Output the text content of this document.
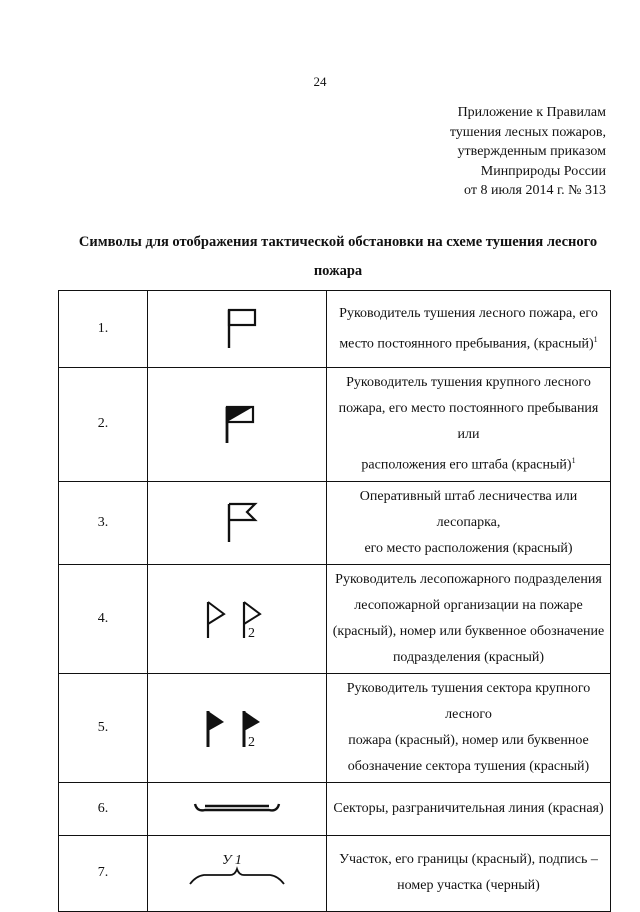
24
Приложение к Правилам
тушения лесных пожаров,
утвержденным приказом
Минприроды России
от 8 июля 2014 г. № 313
Символы для отображения тактической обстановки на схеме тушения лесного
пожара
1.		Руководитель тушения лесного пожара, его
место постоянного пребывания, (красный)$^1$

2.		Руководитель тушения крупного лесного
пожара, его место постоянного пребывания или
расположения его штаба (красный)$^1$

3.		Оперативный штаб лесничества или лесопарка,
его место расположения (красный)

4.	2	Руководитель лесопожарного подразделения
лесопожарной организации на пожаре
(красный), номер или буквенное обозначение
подразделения (красный)

5.	2	Руководитель тушения сектора крупного лесного
пожара (красный), номер или буквенное
обозначение сектора тушения (красный)

6.		Секторы, разграничительная линия (красная)

7.	У 1	Участок, его границы (красный), подпись –
номер участка (черный)
